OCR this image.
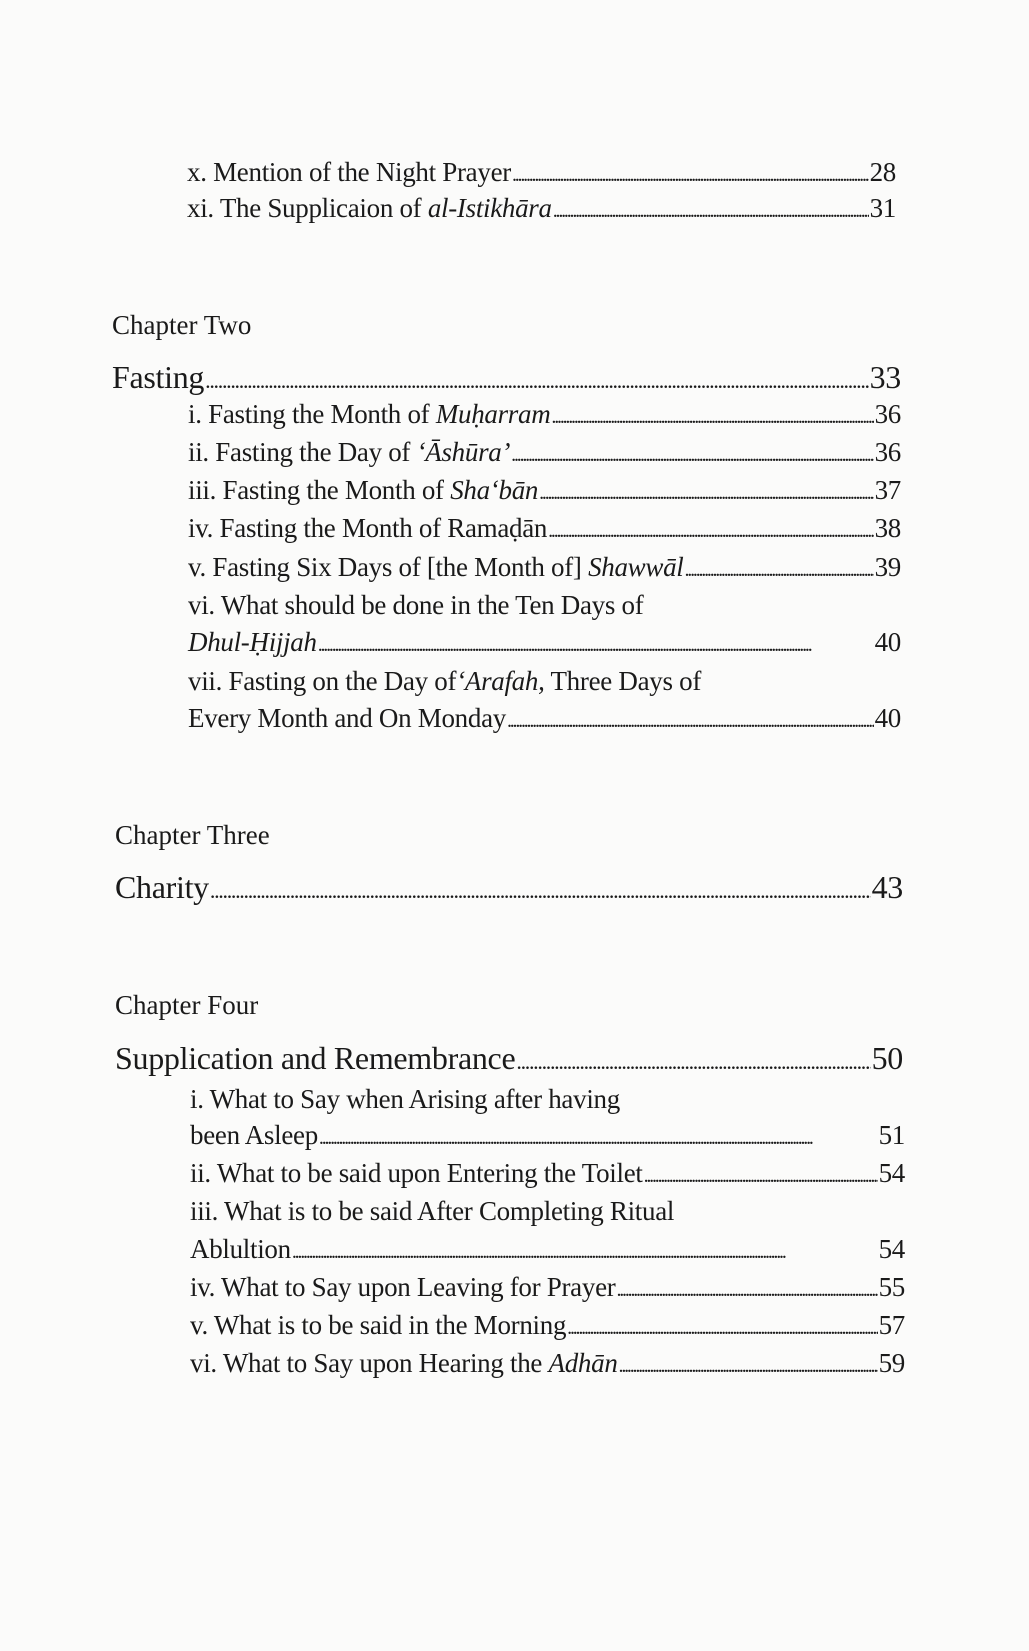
x. Mention of the Night Prayer . . .	28
xi. The Supplicaion of al-Istikhāra . . .	31
Chapter Two
Fasting . . .	33
i. Fasting the Month of Muḥarram . . .	36
ii. Fasting the Day of ‘Āshūra’ . . .	36
iii. Fasting the Month of Sha‘bān . . .	37
iv. Fasting the Month of Ramaḍān . . .	38
v. Fasting Six Days of [the Month of] Shawwāl . . .	39
vi. What should be done in the Ten Days of
Dhul-Ḥijjah . . .	40
vii. Fasting on the Day of ‘Arafah, Three Days of
Every Month and On Monday . . .	40
Chapter Three
Charity . . .	43
Chapter Four
Supplication and Remembrance . . .	50
i. What to Say when Arising after having
been Asleep . . .	51
ii. What to be said upon Entering the Toilet . . .	54
iii. What is to be said After Completing Ritual
Ablultion . . .	54
iv. What to Say upon Leaving for Prayer . . .	55
v. What is to be said in the Morning . . .	57
vi. What to Say upon Hearing the Adhān . . .	59
